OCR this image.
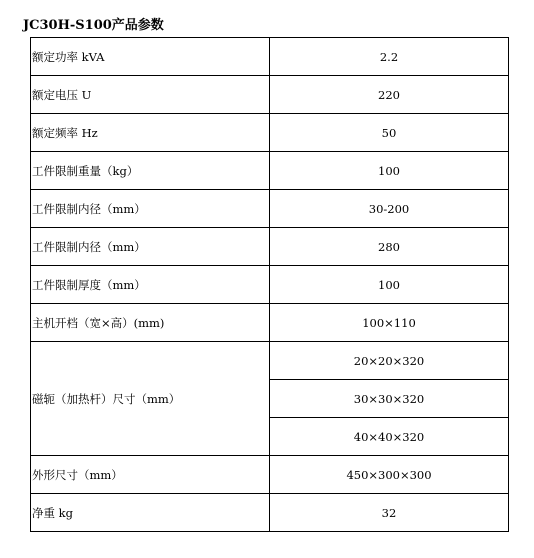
JC30H-S100产品参数
额定功率 kVA	2.2
额定电压 U	220
额定频率 Hz	50
工件限制重量（kg）	100
工件限制内径（mm）	30-200
工件限制内径（mm）	280
工件限制厚度（mm）	100
主机开档（宽×高）(mm)	100×110
磁轭（加热杆）尺寸（mm）	20×20×320
	30×30×320
	40×40×320
外形尺寸（mm）	450×300×300
净重 kg	32
